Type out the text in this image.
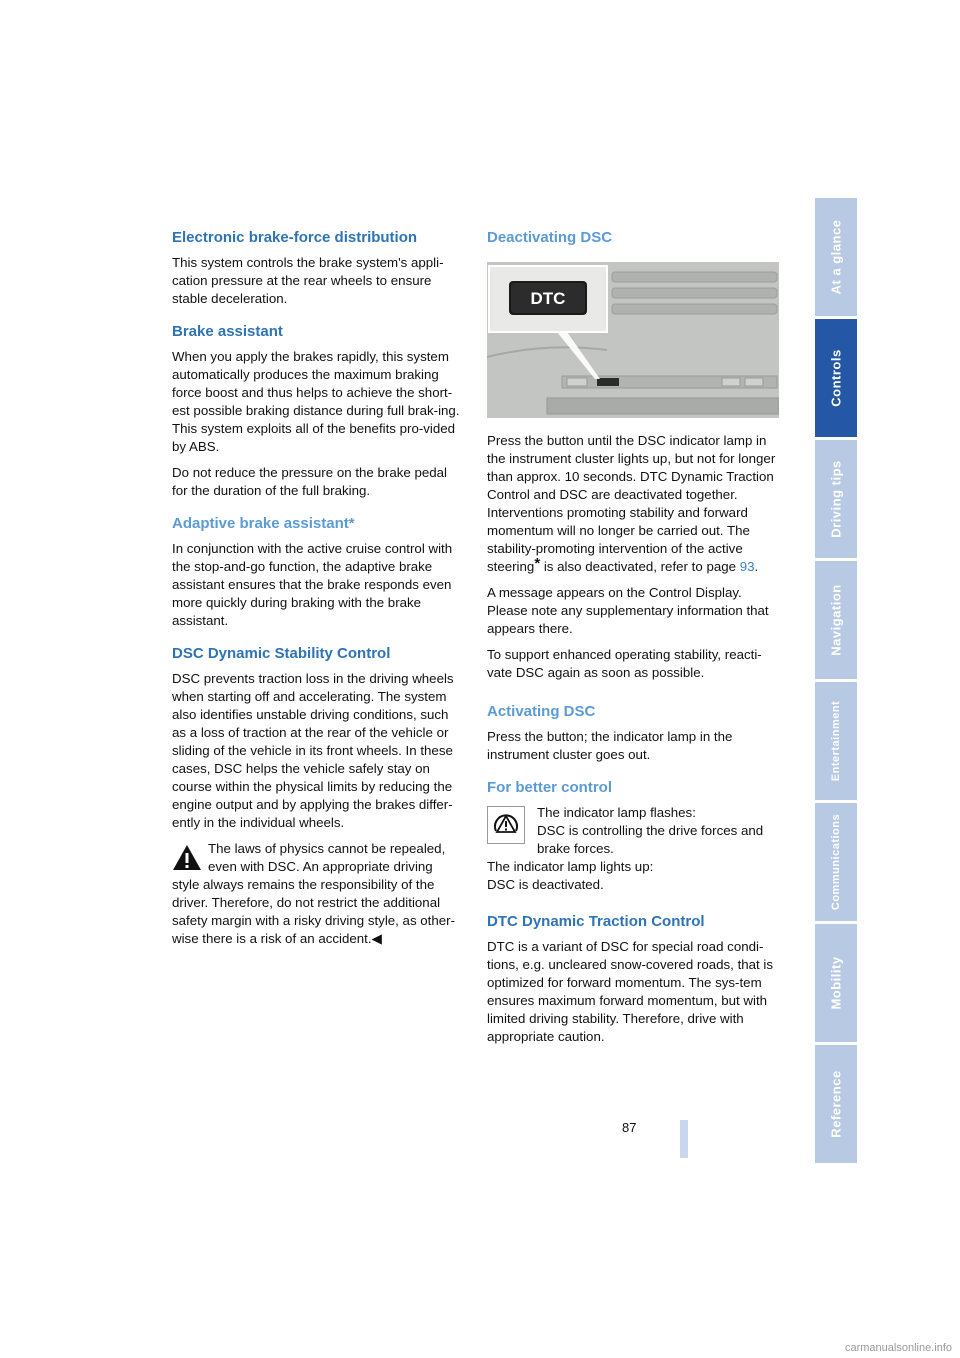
Electronic brake-force distribution

This system controls the brake system's appli-cation pressure at the rear wheels to ensure stable deceleration.

Brake assistant

When you apply the brakes rapidly, this system automatically produces the maximum braking force boost and thus helps to achieve the short-est possible braking distance during full brak-ing. This system exploits all of the benefits pro-vided by ABS.

Do not reduce the pressure on the brake pedal for the duration of the full braking.

Adaptive brake assistant*

In conjunction with the active cruise control with the stop-and-go function, the adaptive brake assistant ensures that the brake responds even more quickly during braking with the brake assistant.

DSC Dynamic Stability Control

DSC prevents traction loss in the driving wheels when starting off and accelerating. The system also identifies unstable driving conditions, such as a loss of traction at the rear of the vehicle or sliding of the vehicle in its front wheels. In these cases, DSC helps the vehicle safely stay on course within the physical limits by reducing the engine output and by applying the brakes differ-ently in the individual wheels.

The laws of physics cannot be repealed, even with DSC. An appropriate driving

style always remains the responsibility of the driver. Therefore, do not restrict the additional safety margin with a risky driving style, as other-wise there is a risk of an accident.◀

Deactivating DSC
DTC

Press the button until the DSC indicator lamp in the instrument cluster lights up, but not for longer than approx. 10 seconds. DTC Dynamic Traction Control and DSC are deactivated together. Interventions promoting stability and forward momentum will no longer be carried out. The stability-promoting intervention of the active steering* is also deactivated, refer to page 93.

A message appears on the Control Display. Please note any supplementary information that appears there.

To support enhanced operating stability, reacti-vate DSC again as soon as possible.

Activating DSC

Press the button; the indicator lamp in the instrument cluster goes out.

For better control

The indicator lamp flashes:

DSC is controlling the drive forces and brake forces.

The indicator lamp lights up:

DSC is deactivated.

DTC Dynamic Traction Control

DTC is a variant of DSC for special road condi-tions, e.g. uncleared snow-covered roads, that is optimized for forward momentum. The sys-tem ensures maximum forward momentum, but with limited driving stability. Therefore, drive with appropriate caution.

At a glance
Controls
Driving tips
Navigation
Entertainment
Communications
Mobility
Reference
87
carmanualsonline.info
